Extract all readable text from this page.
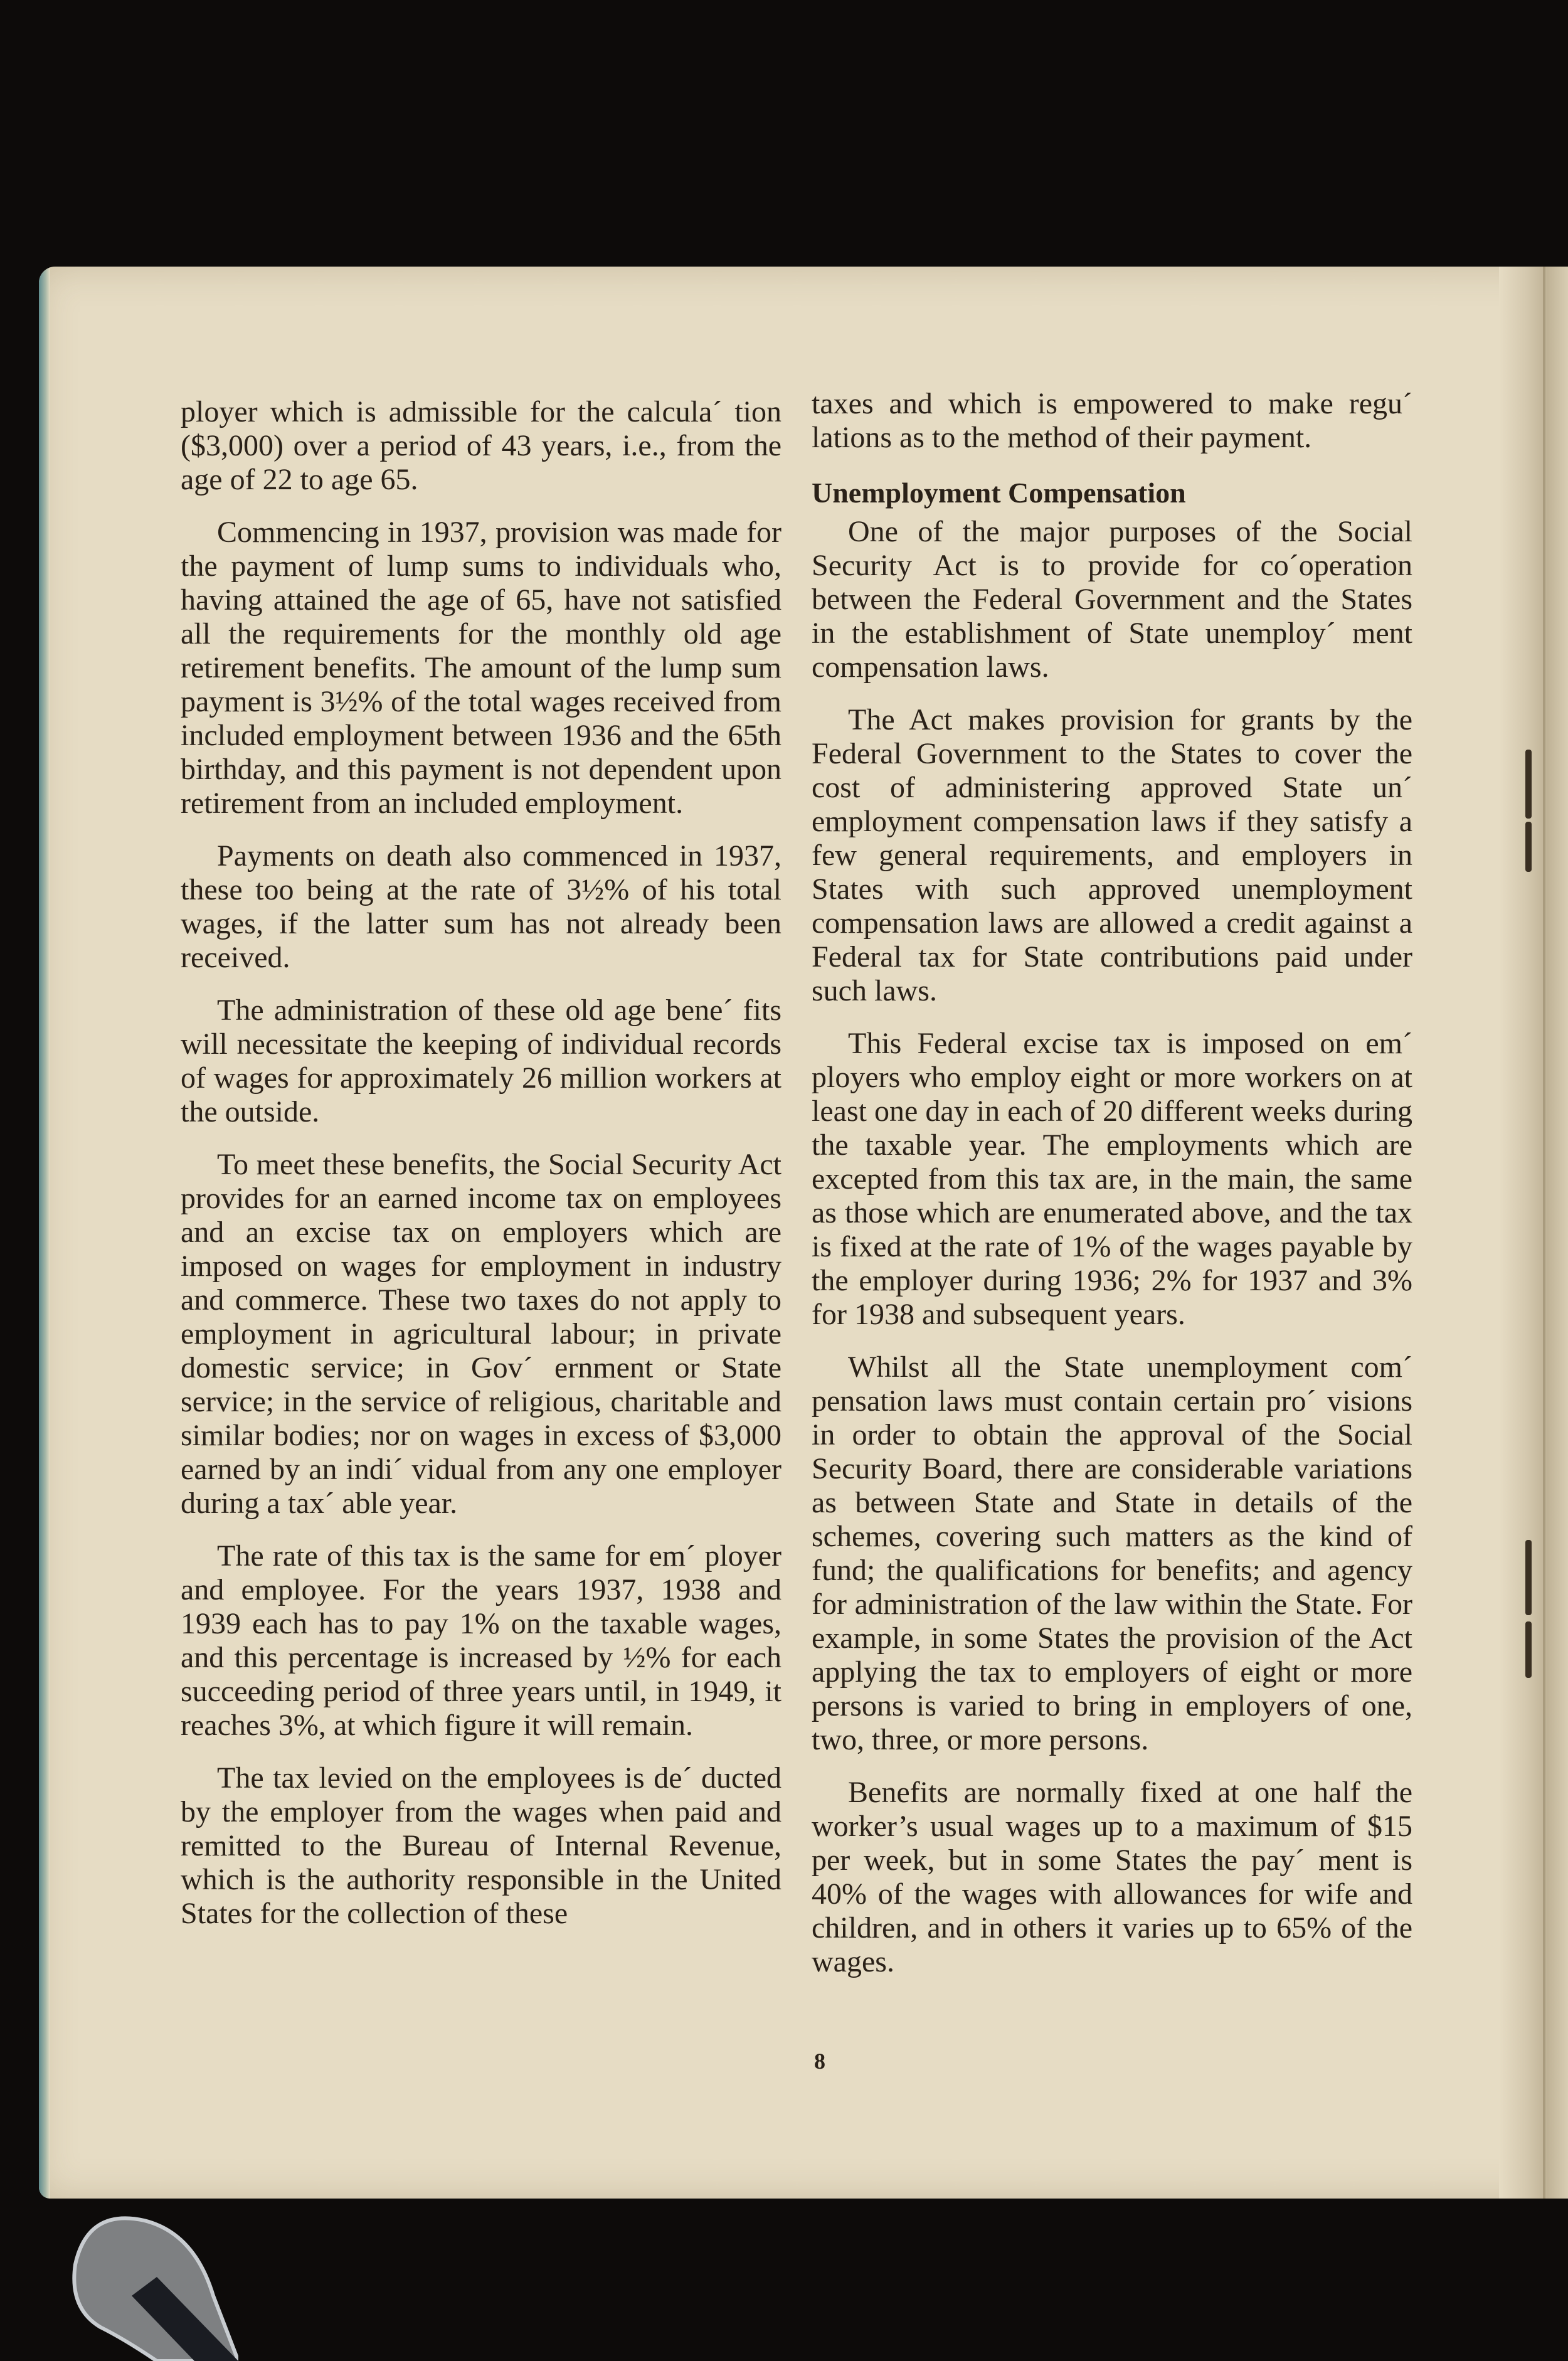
ployer which is admissible for the calcula´ tion ($3,000) over a period of 43 years, i.e., from the age of 22 to age 65.

Commencing in 1937, provision was made for the payment of lump sums to individuals who, having attained the age of 65, have not satisfied all the requirements for the monthly old age retirement benefits. The amount of the lump sum payment is 3½% of the total wages received from included employment between 1936 and the 65th birthday, and this payment is not dependent upon retirement from an included employment.

Payments on death also commenced in 1937, these too being at the rate of 3½% of his total wages, if the latter sum has not already been received.

The administration of these old age bene´ fits will necessitate the keeping of individual records of wages for approximately 26 million workers at the outside.

To meet these benefits, the Social Security Act provides for an earned income tax on employees and an excise tax on employers which are imposed on wages for employment in industry and commerce. These two taxes do not apply to employment in agricultural labour; in private domestic service; in Gov´ ernment or State service; in the service of religious, charitable and similar bodies; nor on wages in excess of $3,000 earned by an indi´ vidual from any one employer during a tax´ able year.

The rate of this tax is the same for em´ ployer and employee. For the years 1937, 1938 and 1939 each has to pay 1% on the taxable wages, and this percentage is increased by ½% for each succeeding period of three years until, in 1949, it reaches 3%, at which figure it will remain.

The tax levied on the employees is de´ ducted by the employer from the wages when paid and remitted to the Bureau of Internal Revenue, which is the authority responsible in the United States for the collection of these

taxes and which is empowered to make regu´ lations as to the method of their payment.

Unemployment Compensation

One of the major purposes of the Social Security Act is to provide for co´operation between the Federal Government and the States in the establishment of State unemploy´ ment compensation laws.

The Act makes provision for grants by the Federal Government to the States to cover the cost of administering approved State un´ employment compensation laws if they satisfy a few general requirements, and employers in States with such approved unemployment compensation laws are allowed a credit against a Federal tax for State contributions paid under such laws.

This Federal excise tax is imposed on em´ ployers who employ eight or more workers on at least one day in each of 20 different weeks during the taxable year. The employments which are excepted from this tax are, in the main, the same as those which are enumerated above, and the tax is fixed at the rate of 1% of the wages payable by the employer during 1936; 2% for 1937 and 3% for 1938 and subsequent years.

Whilst all the State unemployment com´ pensation laws must contain certain pro´ visions in order to obtain the approval of the Social Security Board, there are considerable variations as between State and State in details of the schemes, covering such matters as the kind of fund; the qualifications for benefits; and agency for administration of the law within the State. For example, in some States the provision of the Act applying the tax to employers of eight or more persons is varied to bring in employers of one, two, three, or more persons.

Benefits are normally fixed at one half the worker’s usual wages up to a maximum of $15 per week, but in some States the pay´ ment is 40% of the wages with allowances for wife and children, and in others it varies up to 65% of the wages.

8
